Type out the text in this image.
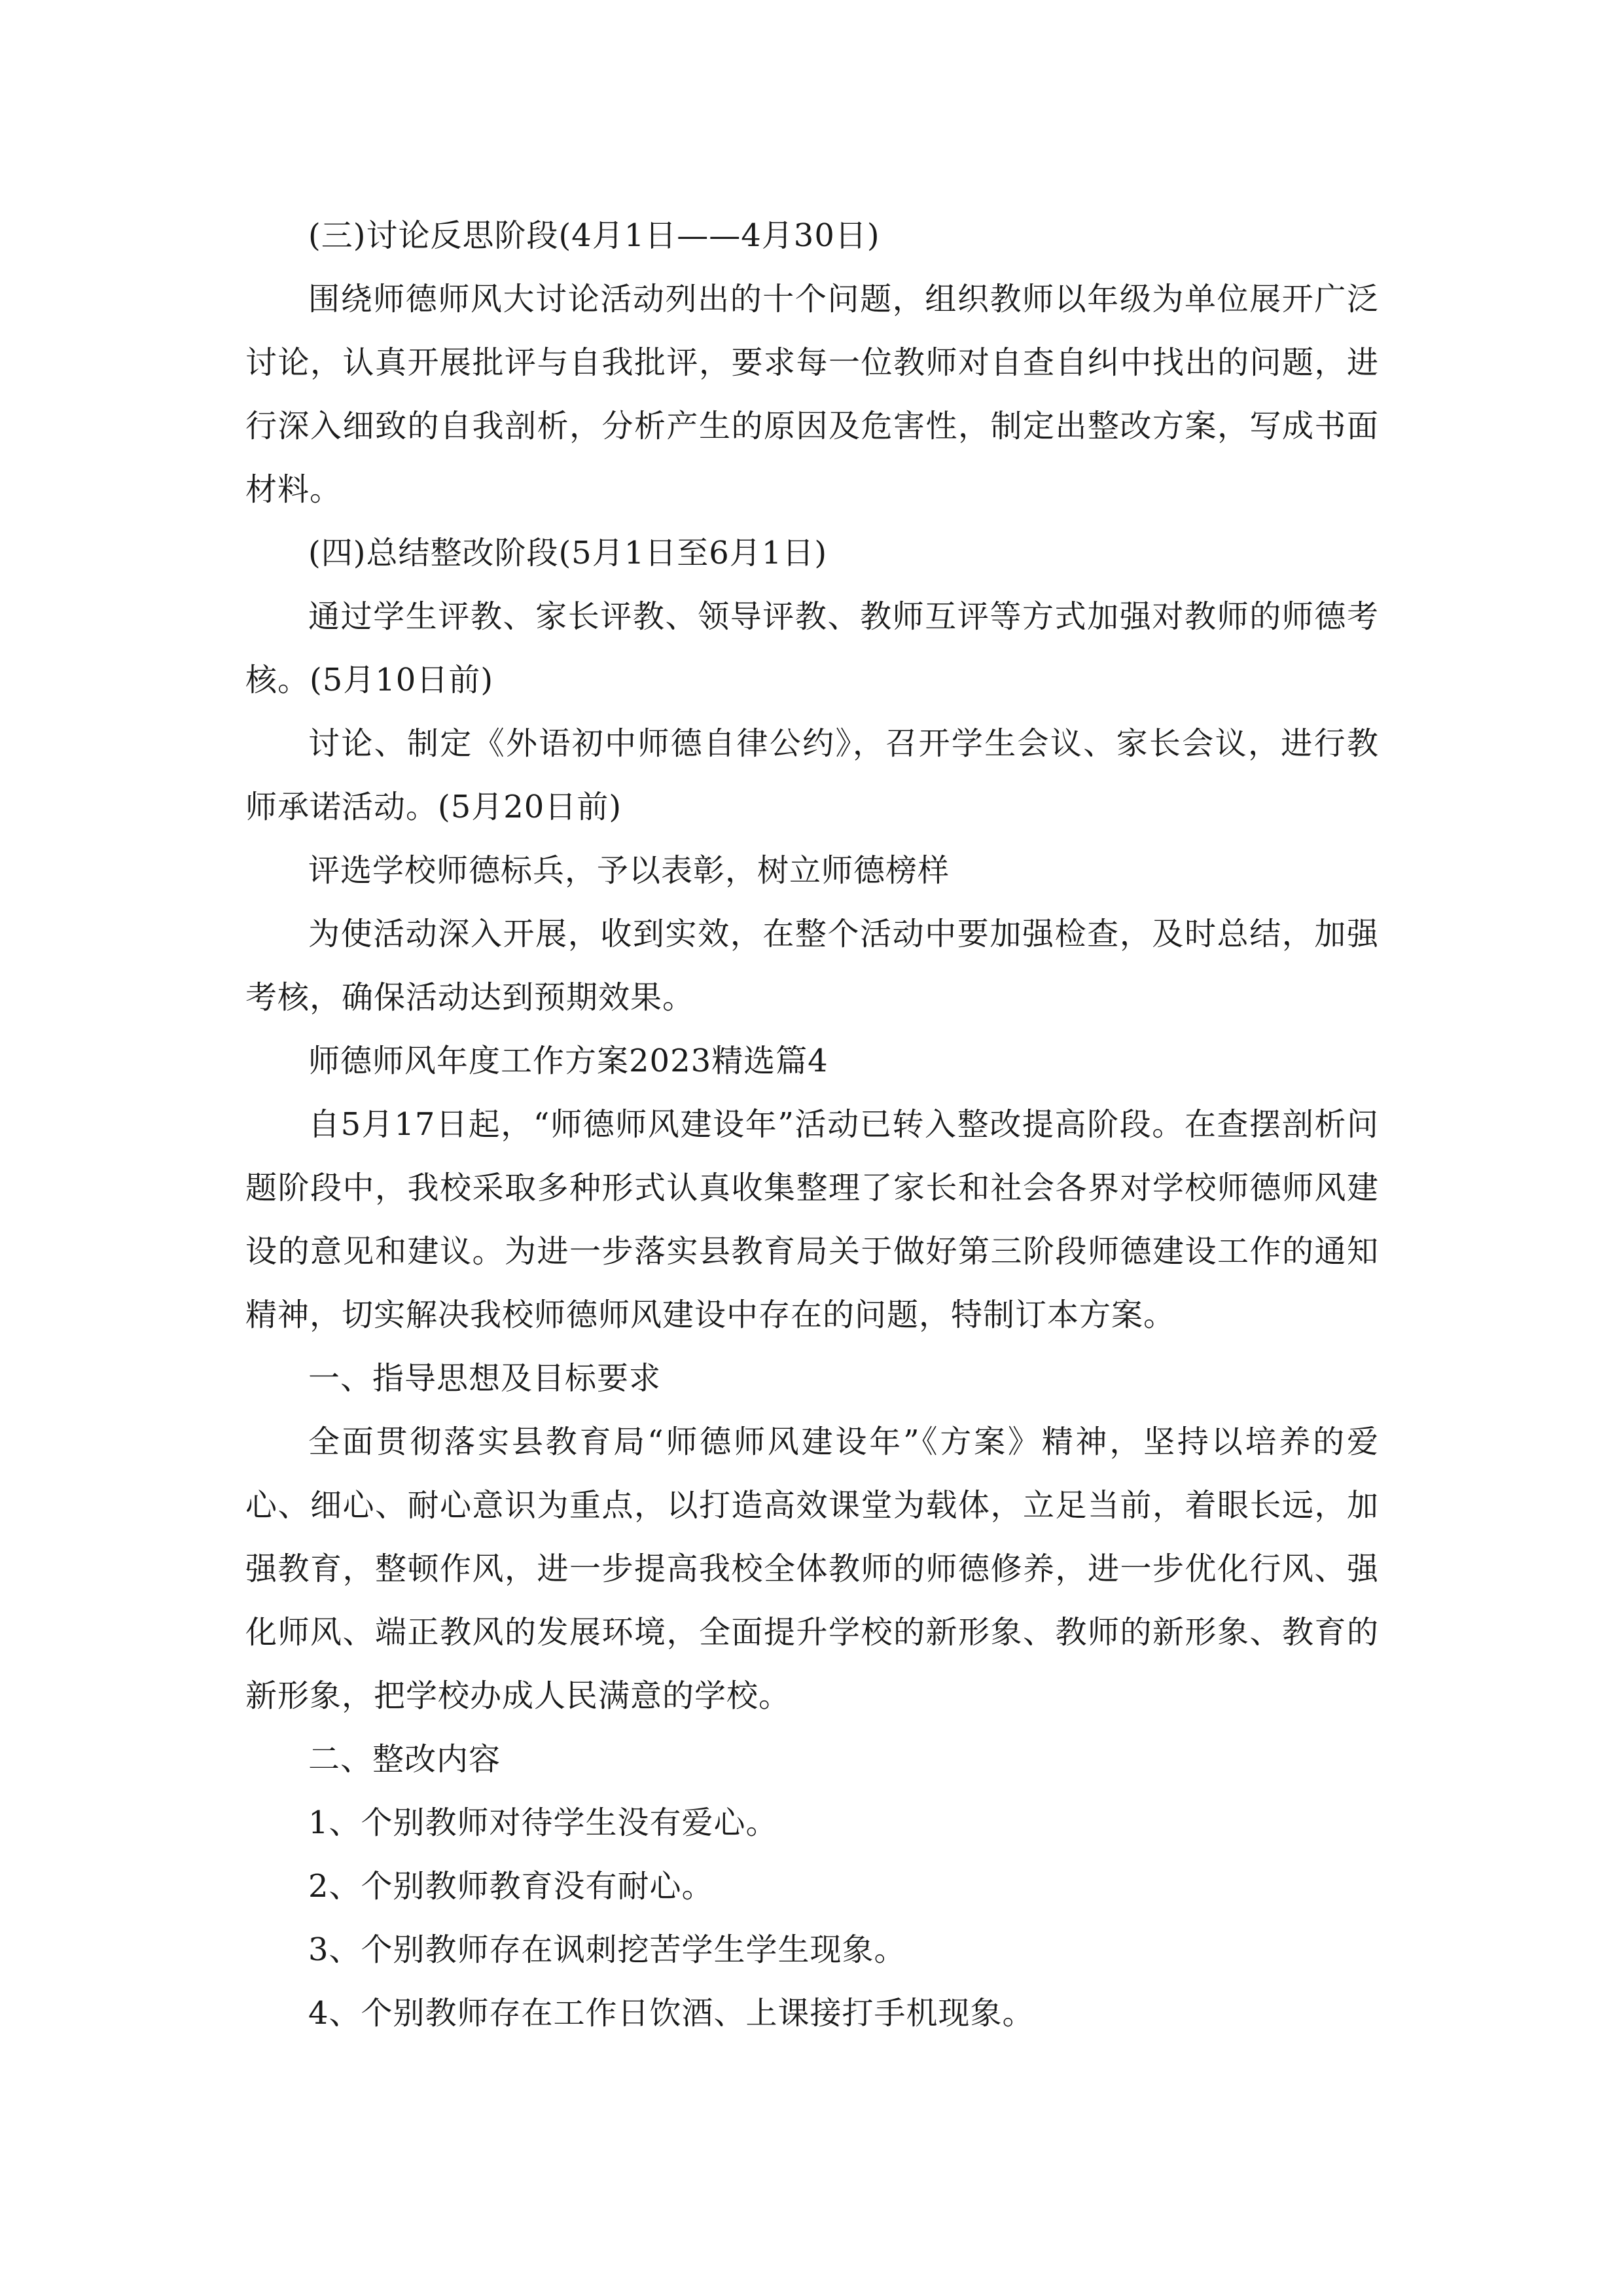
(三)讨论反思阶段(4月1日——4月30日)

围绕师德师风大讨论活动列出的十个问题，组织教师以年级为单位展开广泛讨论，认真开展批评与自我批评，要求每一位教师对自查自纠中找出的问题，进行深入细致的自我剖析，分析产生的原因及危害性，制定出整改方案，写成书面材料。

(四)总结整改阶段(5月1日至6月1日)

通过学生评教、家长评教、领导评教、教师互评等方式加强对教师的师德考核。(5月10日前)

讨论、制定《外语初中师德自律公约》，召开学生会议、家长会议，进行教师承诺活动。(5月20日前)

评选学校师德标兵，予以表彰，树立师德榜样

为使活动深入开展，收到实效，在整个活动中要加强检查，及时总结，加强考核，确保活动达到预期效果。

师德师风年度工作方案2023精选篇4

自5月17日起，“师德师风建设年”活动已转入整改提高阶段。在查摆剖析问题阶段中，我校采取多种形式认真收集整理了家长和社会各界对学校师德师风建设的意见和建议。为进一步落实县教育局关于做好第三阶段师德建设工作的通知精神，切实解决我校师德师风建设中存在的问题，特制订本方案。

一、指导思想及目标要求

全面贯彻落实县教育局“师德师风建设年”《方案》精神，坚持以培养的爱心、细心、耐心意识为重点，以打造高效课堂为载体，立足当前，着眼长远，加强教育，整顿作风，进一步提高我校全体教师的师德修养，进一步优化行风、强化师风、端正教风的发展环境，全面提升学校的新形象、教师的新形象、教育的新形象，把学校办成人民满意的学校。

二、整改内容

1、个别教师对待学生没有爱心。

2、个别教师教育没有耐心。

3、个别教师存在讽刺挖苦学生学生现象。

4、个别教师存在工作日饮酒、上课接打手机现象。
